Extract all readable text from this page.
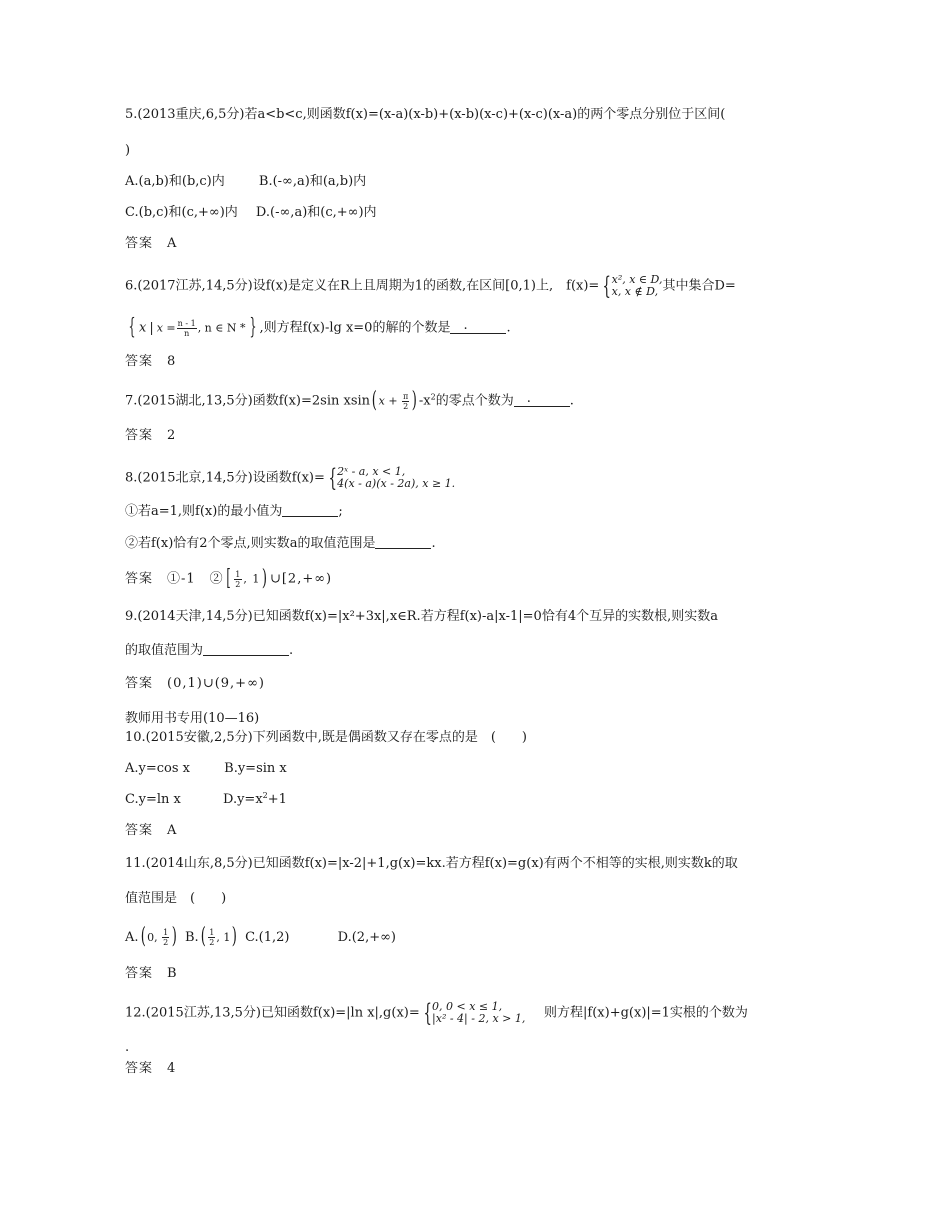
5.(2013重庆,6,5分)若a<b<c,则函数f(x)=(x-a)(x-b)+(x-b)(x-c)+(x-c)(x-a)的两个零点分别位于区间(
)
A.(a,b)和(b,c)内	B.(-∞,a)和(a,b)内
C.(b,c)和(c,+∞)内 D.(-∞,a)和(c,+∞)内
答案　A
6.(2017江苏,14,5分)设f(x)是定义在R上且周期为1的函数,在区间[0,1)上,　f(x)= { x², x ∈ D,
x, x ∉ D, 其中集合D=
{ x | $x = \frac{n - 1}{n}$ , n ∈ N * } ,则方程f(x)-lg x=0的解的个数是 　.	.
答案　8
7.(2015湖北,13,5分)函数f(x)=2sin xsin( $x + \frac{\pi}{2}$ ) $-x^2$的零点个数为 　.	.
答案　2
8.(2015北京,14,5分)设函数f(x)= { 2ˣ - a, x < 1,
4(x - a)(x - 2a), x ≥ 1.
①若a=1,则f(x)的最小值为	;
②若f(x)恰有2个零点,则实数a的取值范围是	.
答案　①-1　② [ $\frac{1}{2}$ , 1) ∪[2,+∞)
9.(2014天津,14,5分)已知函数f(x)=|x²+3x|,x∈R.若方程f(x)-a|x-1|=0恰有4个互异的实数根,则实数a
的取值范围为	.
答案　(0,1)∪(9,+∞)
教师用书专用(10—16)
10.(2015安徽,2,5分)下列函数中,既是偶函数又存在零点的是　(　　)
A.y=cos x	B.y=sin x
C.y=ln x	$D.y=x^2+1$
答案　A
11.(2014山东,8,5分)已知函数f(x)=|x-2|+1,g(x)=kx.若方程f(x)=g(x)有两个不相等的实根,则实数k的取
值范围是　(　　)
A.( 0, $\frac{1}{2}$ ) $B.( \frac{1}{2}$ , 1) C.(1,2)	D.(2,+∞)
答案　B
12.(2015江苏,13,5分)已知函数f(x)=|ln x|,g(x)= { 0, 0 < x ≤ 1,
|x² - 4| - 2, x > 1,	则方程|f(x)+g(x)|=1实根的个数为
.
答案　4
